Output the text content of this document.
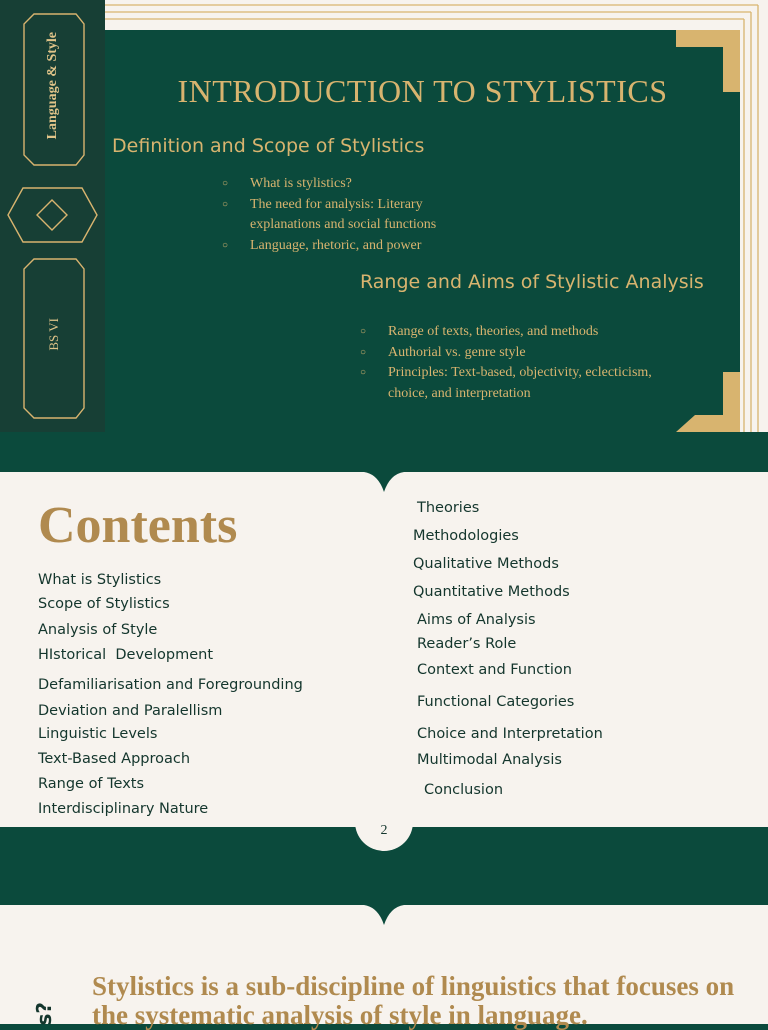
Language & Style
BS VI
INTRODUCTION TO STYLISTICS
Definition and Scope of Stylistics
○ What is stylistics?
○ The need for analysis: Literary explanations and social functions
○ Language, rhetoric, and power
Range and Aims of Stylistic Analysis
○ Range of texts, theories, and methods
○ Authorial vs. genre style
○ Principles: Text-based, objectivity, eclecticism, choice, and interpretation
Contents
What is Stylistics
Scope of Stylistics
Analysis of Style
HIstorical  Development
Defamiliarisation and Foregrounding
Deviation and Paralellism
Linguistic Levels
Text-Based Approach
Range of Texts
Interdisciplinary Nature
Theories
Methodologies
Qualitative Methods
Quantitative Methods
Aims of Analysis
Reader’s Role
Context and Function
Functional Categories
Choice and Interpretation
Multimodal Analysis
Conclusion
2
s?

Stylistics is a sub-discipline of linguistics that focuses on the systematic analysis of style in language.
